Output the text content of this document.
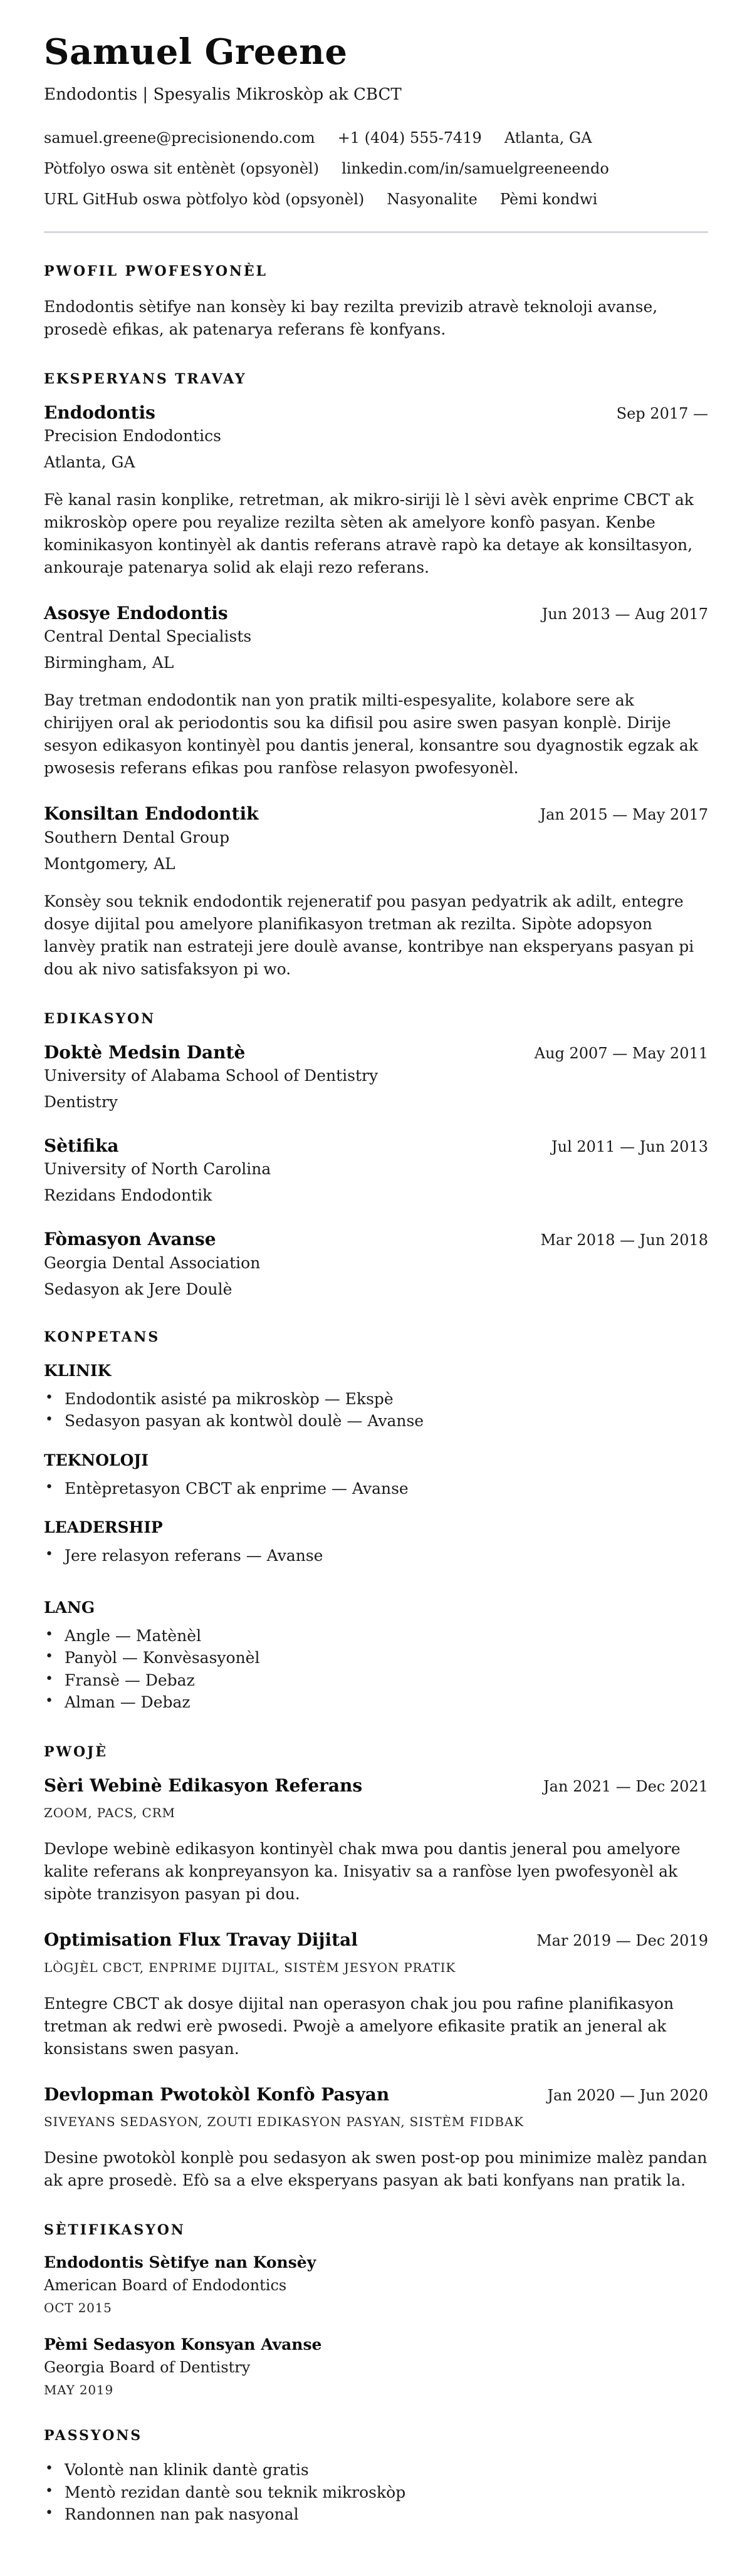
Samuel Greene
Endodontis | Spesyalis Mikroskòp ak CBCT
samuel.greene@precisionendo.com +1 (404) 555-7419 Atlanta, GA
Pòtfolyo oswa sit entènèt (opsyonèl) linkedin.com/in/samuelgreeneendo
URL GitHub oswa pòtfolyo kòd (opsyonèl) Nasyonalite Pèmi kondwi
PWOFIL PWOFESYONÈL

Endodontis sètifye nan konsèy ki bay rezilta previzib atravè teknoloji avanse, prosedè efikas, ak patenarya referans fè konfyans.

EKSPERYANS TRAVAY
Endodontis	Sep 2017 —
Precision Endodontics
Atlanta, GA

Fè kanal rasin konplike, retretman, ak mikro-siriji lè l sèvi avèk enprime CBCT ak mikroskòp opere pou reyalize rezilta sèten ak amelyore konfò pasyan. Kenbe kominikasyon kontinyèl ak dantis referans atravè rapò ka detaye ak konsiltasyon, ankouraje patenarya solid ak elaji rezo referans.

Asosye Endodontis	Jun 2013 — Aug 2017
Central Dental Specialists
Birmingham, AL

Bay tretman endodontik nan yon pratik milti-espesyalite, kolabore sere ak chirijyen oral ak periodontis sou ka difisil pou asire swen pasyan konplè. Dirije sesyon edikasyon kontinyèl pou dantis jeneral, konsantre sou dyagnostik egzak ak pwosesis referans efikas pou ranfòse relasyon pwofesyonèl.

Konsiltan Endodontik	Jan 2015 — May 2017
Southern Dental Group
Montgomery, AL

Konsèy sou teknik endodontik rejeneratif pou pasyan pedyatrik ak adilt, entegre dosye dijital pou amelyore planifikasyon tretman ak rezilta. Sipòte adopsyon lanvèy pratik nan estrateji jere doulè avanse, kontribye nan eksperyans pasyan pi dou ak nivo satisfaksyon pi wo.

EDIKASYON
Doktè Medsin Dantè	Aug 2007 — May 2011
University of Alabama School of Dentistry
Dentistry
Sètifika	Jul 2011 — Jun 2013
University of North Carolina
Rezidans Endodontik
Fòmasyon Avanse	Mar 2018 — Jun 2018
Georgia Dental Association
Sedasyon ak Jere Doulè
KONPETANS
KLINIK
• Endodontik asisté pa mikroskòp — Ekspè
• Sedasyon pasyan ak kontwòl doulè — Avanse
TEKNOLOJI
• Entèpretasyon CBCT ak enprime — Avanse
LEADERSHIP
• Jere relasyon referans — Avanse
LANG
• Angle — Matènèl
• Panyòl — Konvèsasyonèl
• Fransè — Debaz
• Alman — Debaz
PWOJÈ
Sèri Webinè Edikasyon Referans	Jan 2021 — Dec 2021
ZOOM, PACS, CRM

Devlope webinè edikasyon kontinyèl chak mwa pou dantis jeneral pou amelyore kalite referans ak konpreyansyon ka. Inisyativ sa a ranfòse lyen pwofesyonèl ak sipòte tranzisyon pasyan pi dou.

Optimisation Flux Travay Dijital	Mar 2019 — Dec 2019
LÒGJÈL CBCT, ENPRIME DIJITAL, SISTÈM JESYON PRATIK

Entegre CBCT ak dosye dijital nan operasyon chak jou pou rafine planifikasyon tretman ak redwi erè pwosedi. Pwojè a amelyore efikasite pratik an jeneral ak konsistans swen pasyan.

Devlopman Pwotokòl Konfò Pasyan	Jan 2020 — Jun 2020
SIVEYANS SEDASYON, ZOUTI EDIKASYON PASYAN, SISTÈM FIDBAK

Desine pwotokòl konplè pou sedasyon ak swen post-op pou minimize malèz pandan ak apre prosedè. Efò sa a elve eksperyans pasyan ak bati konfyans nan pratik la.

SÈTIFIKASYON
Endodontis Sètifye nan Konsèy
American Board of Endodontics
OCT 2015
Pèmi Sedasyon Konsyan Avanse
Georgia Board of Dentistry
MAY 2019
PASSYONS
• Volontè nan klinik dantè gratis
• Mentò rezidan dantè sou teknik mikroskòp
• Randonnen nan pak nasyonal
